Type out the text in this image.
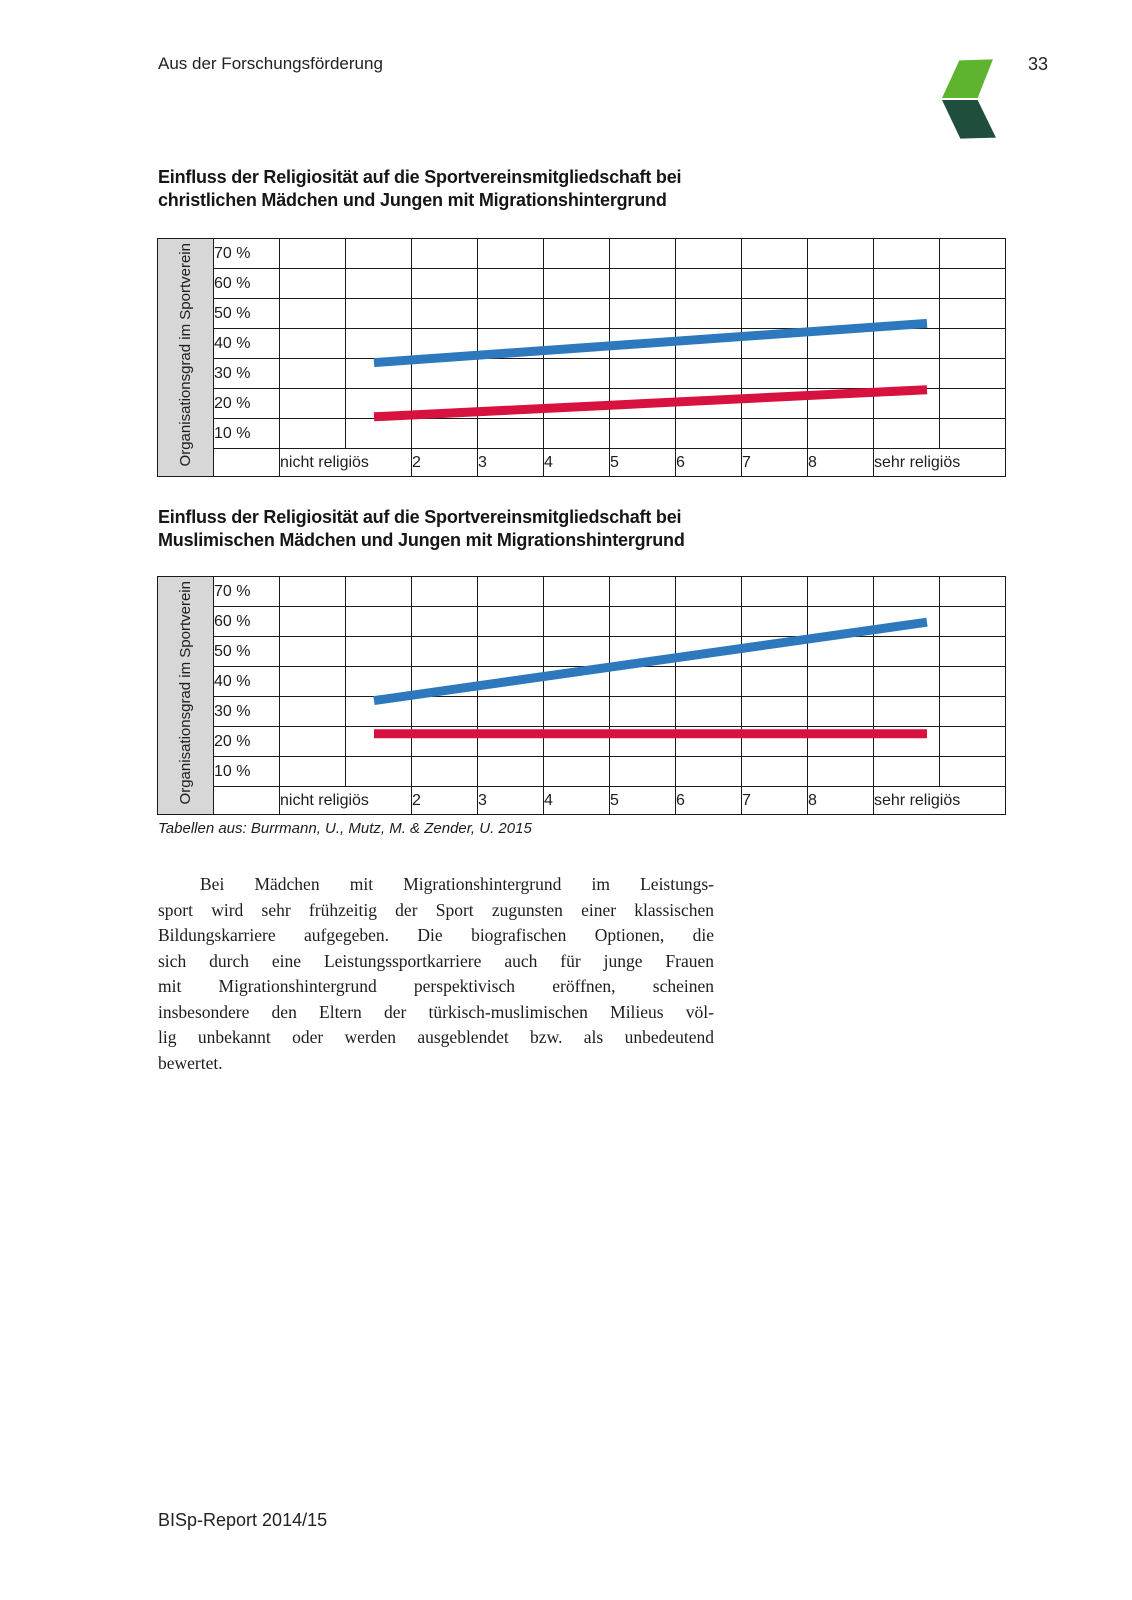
Aus der Forschungsförderung	33
Einfluss der Religiosität auf die Sportvereinsmitgliedschaft bei
christlichen Mädchen und Jungen mit Migrationshintergrund
Organisationsgrad im Sportverein	70 %											
	60 %											
	50 %											
	40 %											
	30 %											
	20 %											
	10 %											
		nicht religiös		2	3	4	5	6	7	8	sehr religiös	
Einfluss der Religiosität auf die Sportvereinsmitgliedschaft bei
Muslimischen Mädchen und Jungen mit Migrationshintergrund
Organisationsgrad im Sportverein	70 %											
	60 %											
	50 %											
	40 %											
	30 %											
	20 %											
	10 %											
		nicht religiös		2	3	4	5	6	7	8	sehr religiös	
Tabellen aus: Burrmann, U., Mutz, M. & Zender, U. 2015
Bei Mädchen mit Migrationshintergrund im Leistungs-
sport wird sehr frühzeitig der Sport zugunsten einer klassischen
Bildungskarriere aufgegeben. Die biografischen Optionen, die
sich durch eine Leistungssportkarriere auch für junge Frauen
mit Migrationshintergrund perspektivisch eröffnen, scheinen
insbesondere den Eltern der türkisch-muslimischen Milieus völ-
lig unbekannt oder werden ausgeblendet bzw. als unbedeutend
bewertet.
BISp-Report 2014/15
